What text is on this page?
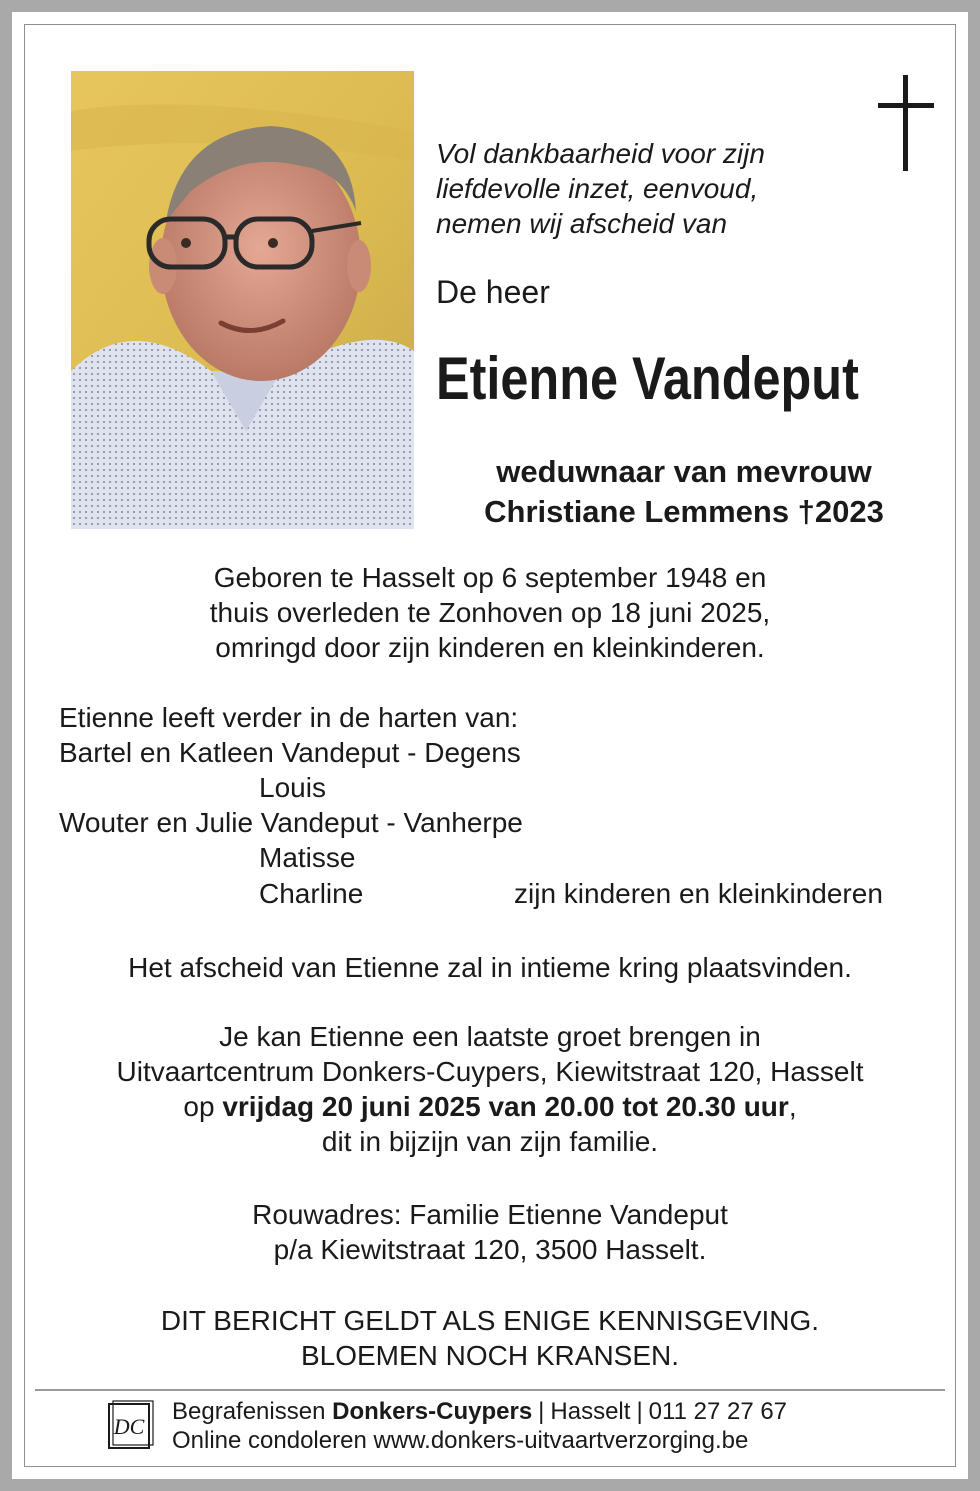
Vol dankbaarheid voor zijn
liefdevolle inzet, eenvoud,
nemen wij afscheid van
De heer
Etienne Vandeput
weduwnaar van mevrouw
Christiane Lemmens †2023
Geboren te Hasselt op 6 september 1948 en
thuis overleden te Zonhoven op 18 juni 2025,
omringd door zijn kinderen en kleinkinderen.
Etienne leeft verder in de harten van:
Bartel en Katleen Vandeput - Degens
Louis
Wouter en Julie Vandeput - Vanherpe
Matisse
Charline	zijn kinderen en kleinkinderen
Het afscheid van Etienne zal in intieme kring plaatsvinden.
Je kan Etienne een laatste groet brengen in
Uitvaartcentrum Donkers-Cuypers, Kiewitstraat 120, Hasselt
op vrijdag 20 juni 2025 van 20.00 tot 20.30 uur,
dit in bijzijn van zijn familie.
Rouwadres: Familie Etienne Vandeput
p/a Kiewitstraat 120, 3500 Hasselt.
DIT BERICHT GELDT ALS ENIGE KENNISGEVING.
BLOEMEN NOCH KRANSEN.
DC
Begrafenissen Donkers-Cuypers | Hasselt | 011 27 27 67
Online condoleren www.donkers-uitvaartverzorging.be
